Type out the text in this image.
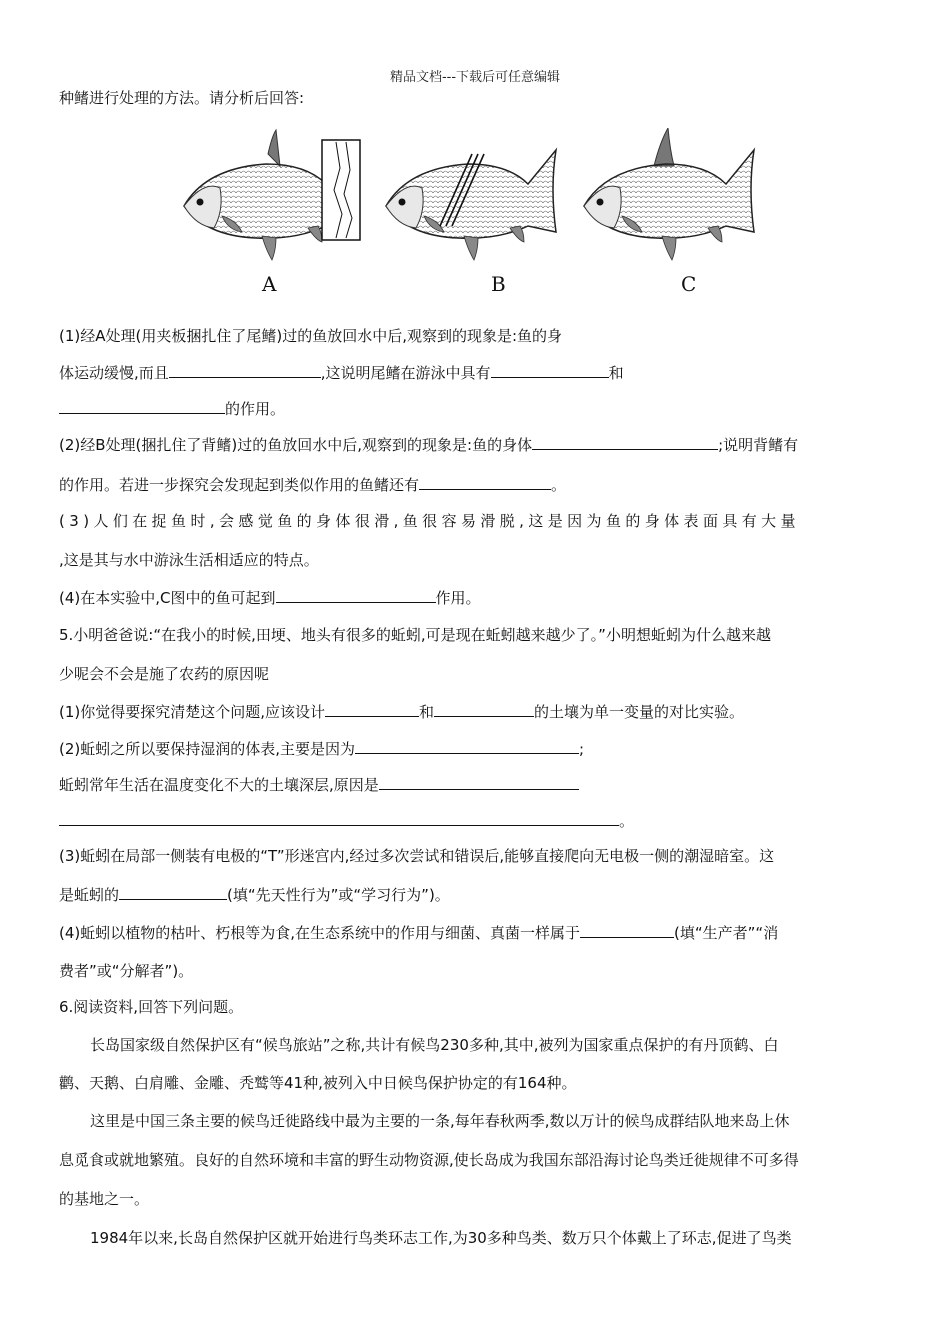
精品文档---下载后可任意编辑
种鳍进行处理的方法。请分析后回答:
A	B	C
(1)经A处理(用夹板捆扎住了尾鳍)过的鱼放回水中后,观察到的现象是:鱼的身
体运动缓慢,而且	,这说明尾鳍在游泳中具有	和
的作用。
(2)经B处理(捆扎住了背鳍)过的鱼放回水中后,观察到的现象是:鱼的身体	;说明背鳍有
的作用。若进一步探究会发现起到类似作用的鱼鳍还有	。
(3)人们在捉鱼时,会感觉鱼的身体很滑,鱼很容易滑脱,这是因为鱼的身体表面具有大量
,这是其与水中游泳生活相适应的特点。
(4)在本实验中,C图中的鱼可起到	作用。
5.小明爸爸说:“在我小的时候,田埂、地头有很多的蚯蚓,可是现在蚯蚓越来越少了。”小明想蚯蚓为什么越来越
少呢会不会是施了农药的原因呢
(1)你觉得要探究清楚这个问题,应该设计	和	的土壤为单一变量的对比实验。
(2)蚯蚓之所以要保持湿润的体表,主要是因为	;
蚯蚓常年生活在温度变化不大的土壤深层,原因是
。
(3)蚯蚓在局部一侧装有电极的“T”形迷宫内,经过多次尝试和错误后,能够直接爬向无电极一侧的潮湿暗室。这
是蚯蚓的	(填“先天性行为”或“学习行为”)。
(4)蚯蚓以植物的枯叶、朽根等为食,在生态系统中的作用与细菌、真菌一样属于	(填“生产者”“消
费者”或“分解者”)。
6.阅读资料,回答下列问题。
长岛国家级自然保护区有“候鸟旅站”之称,共计有候鸟230多种,其中,被列为国家重点保护的有丹顶鹤、白
鹳、天鹅、白肩雕、金雕、秃鹫等41种,被列入中日候鸟保护协定的有164种。
这里是中国三条主要的候鸟迁徙路线中最为主要的一条,每年春秋两季,数以万计的候鸟成群结队地来岛上休
息觅食或就地繁殖。良好的自然环境和丰富的野生动物资源,使长岛成为我国东部沿海讨论鸟类迁徙规律不可多得
的基地之一。
1984年以来,长岛自然保护区就开始进行鸟类环志工作,为30多种鸟类、数万只个体戴上了环志,促进了鸟类
